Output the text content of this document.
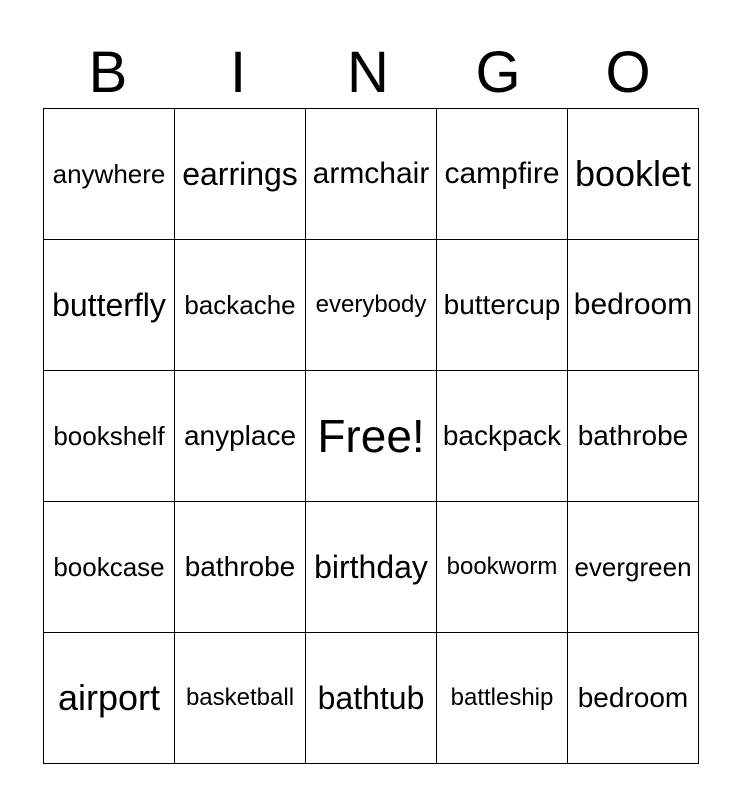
B	I	N	G	O
anywhere	earrings	armchair	campfire	booklet
butterfly	backache	everybody	buttercup	bedroom
bookshelf	anyplace	Free!	backpack	bathrobe
bookcase	bathrobe	birthday	bookworm	evergreen
airport	basketball	bathtub	battleship	bedroom
